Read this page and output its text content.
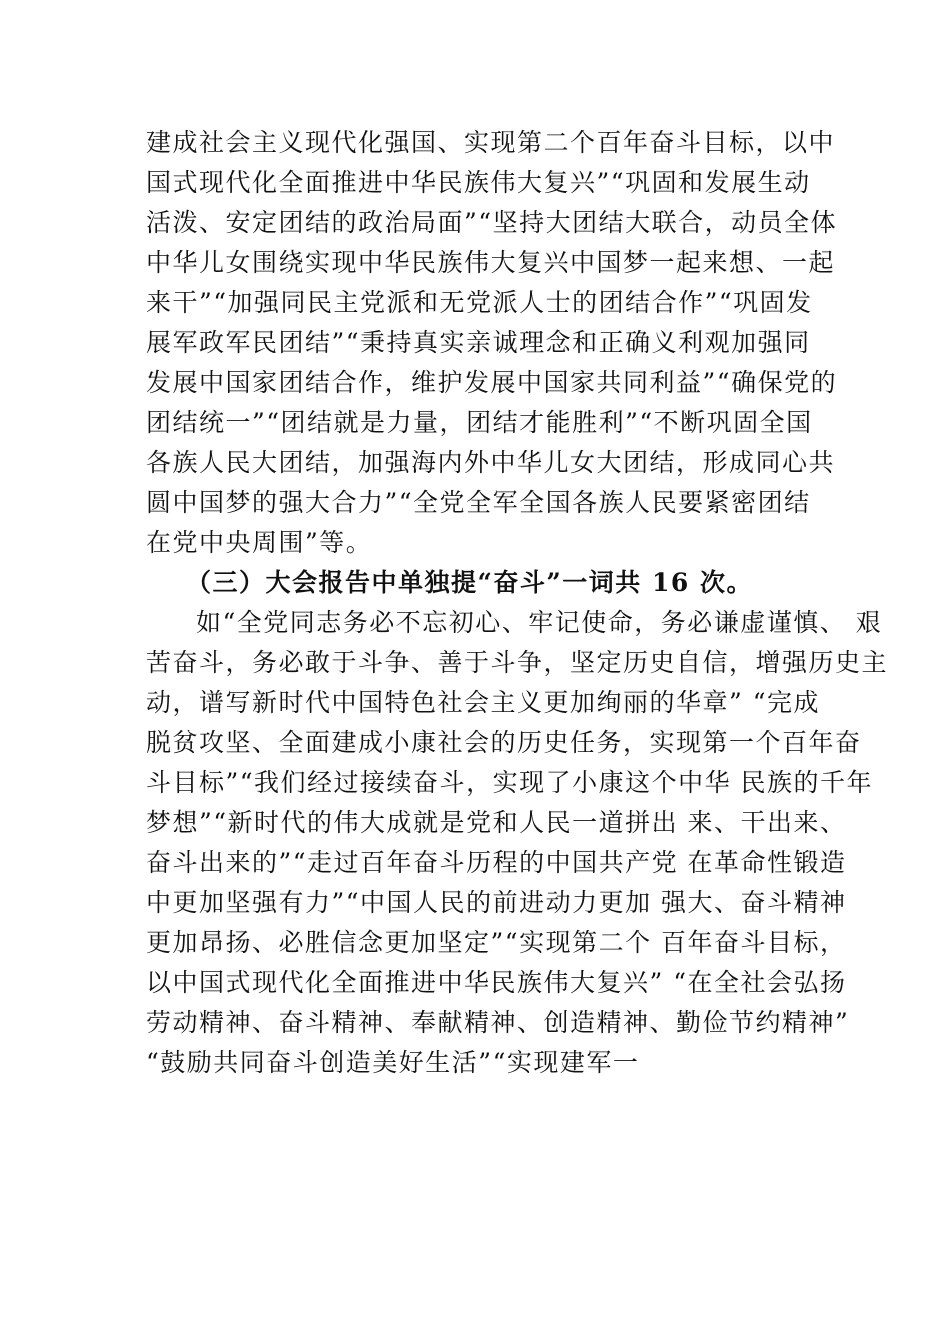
建成社会主义现代化强国、实现第二个百年奋斗目标，以中
国式现代化全面推进中华民族伟大复兴”“巩固和发展生动
活泼、安定团结的政治局面”“坚持大团结大联合，动员全体
中华儿女围绕实现中华民族伟大复兴中国梦一起来想、一起
来干”“加强同民主党派和无党派人士的团结合作”“巩固发
展军政军民团结”“秉持真实亲诚理念和正确义利观加强同
发展中国家团结合作，维护发展中国家共同利益”“确保党的
团结统一”“团结就是力量，团结才能胜利”“不断巩固全国
各族人民大团结，加强海内外中华儿女大团结，形成同心共
圆中国梦的强大合力”“全党全军全国各族人民要紧密团结
在党中央周围”等。
（三）大会报告中单独提“奋斗”一词共 16 次。
如“全党同志务必不忘初心、牢记使命，务必谦虚谨慎、 艰
苦奋斗，务必敢于斗争、善于斗争，坚定历史自信，增强历史主
动，谱写新时代中国特色社会主义更加绚丽的华章” “完成
脱贫攻坚、全面建成小康社会的历史任务，实现第一个百年奋
斗目标”“我们经过接续奋斗，实现了小康这个中华 民族的千年
梦想”“新时代的伟大成就是党和人民一道拼出 来、干出来、
奋斗出来的”“走过百年奋斗历程的中国共产党 在革命性锻造
中更加坚强有力”“中国人民的前进动力更加 强大、奋斗精神
更加昂扬、必胜信念更加坚定”“实现第二个 百年奋斗目标，
以中国式现代化全面推进中华民族伟大复兴” “在全社会弘扬
劳动精神、奋斗精神、奉献精神、创造精神、勤俭节约精神”
“鼓励共同奋斗创造美好生活”“实现建军一
